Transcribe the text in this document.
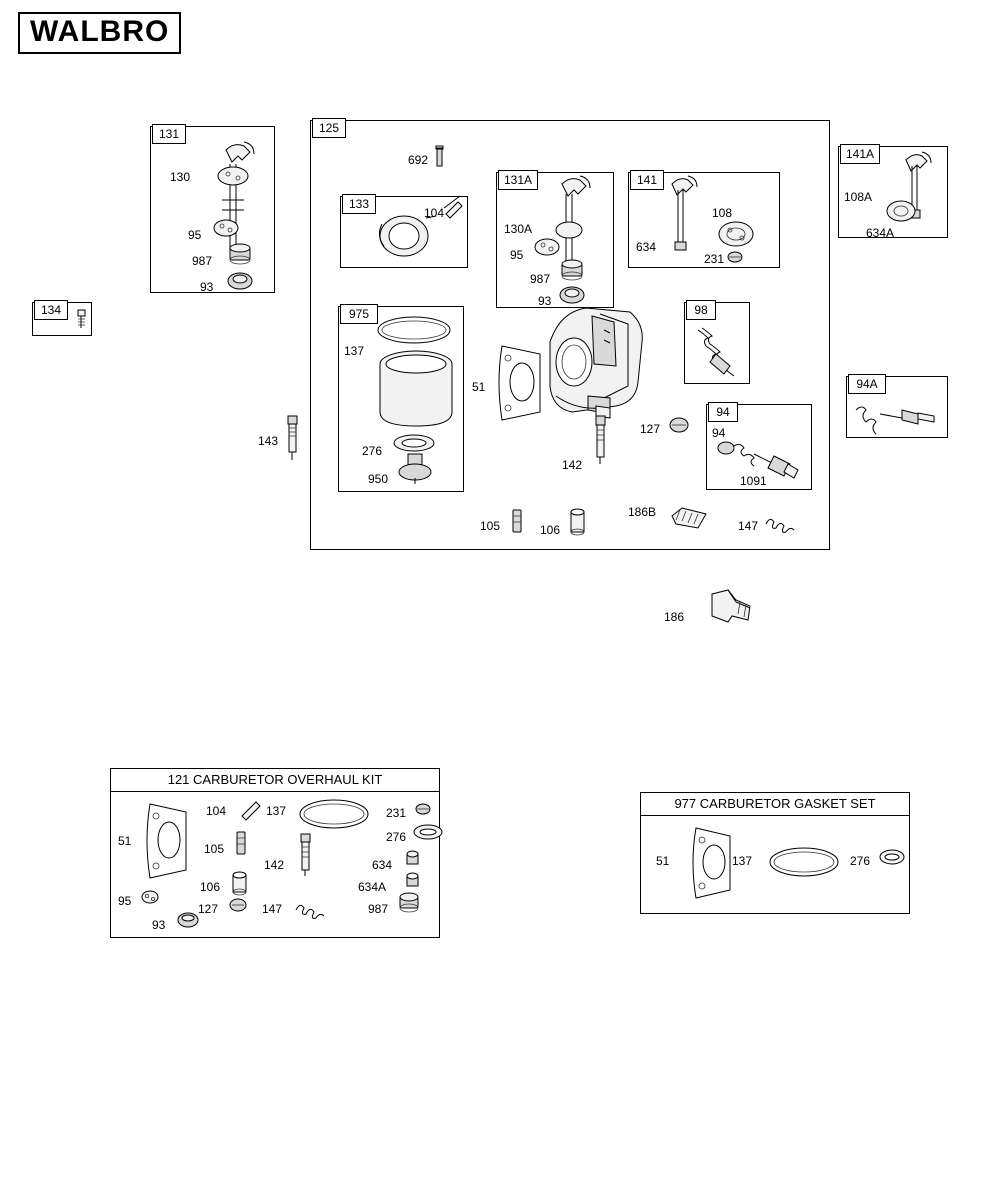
WALBRO
125
131
130
95
987
93
134
692
133
104
131A
130A
95
987
93
141
108
634
231
141A
108A
634A
975
137
276
950
51
143
127
142
98
94
94
1091
94A
105	106
186B
147
186
121 CARBURETOR OVERHAUL KIT
51
104	137	231
105
276
142	634
106	634A
95
127	147	987
93
977 CARBURETOR GASKET SET
51	137	276
